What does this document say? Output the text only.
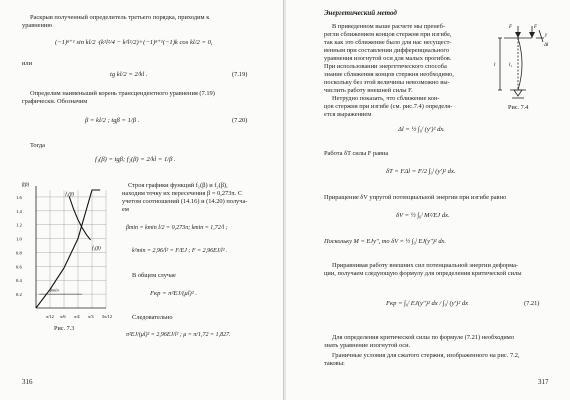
Раскрыв полученный определитель третьего порядка, приходим к
уравнению
(−1)ⁿ⁺¹ sin kl/2 ·(k²l²/4 − k²l²/2)+(−1)ⁿ⁺¹(−1)k cos kl/2 = 0,
или
tg kl/2 = 2/kl .	(7.19)
Определим наименьший корень трансцендентного уравнения (7.19)
графически. Обозначим
β = kl/2 ; tgβ = 1/β .	(7.20)
Тогда
f₁(β) = tgβ; f₂(β) = 2/kl = 1/β .
1.6
1.4
1.2
1.0
0.8
0.6
0.4
0.2
π/12 π/6 π/4 π/3 5π/12
f(β)
f₁(β)
f₂(β)
βmin
Рис. 7.3
Строя графики функций f₁(β) и f₂(β),
находим точку их пересечения β = 0,273π. С
учетом соотношений (14.16) и (14.20) получа-
ем
βmin = kmin l/2 = 0,273π; kmin = 1,72/l ;
k²min = 2,96/l² = F/EJ ; F = 2,96EJ/l² .
В общем случае
Fкр = π²EJ/(μl)² .
Следовательно
π²EJ/(μl)² = 2,96EJ/l² ; μ = π/1,72 = 1,827.
316
Энергетический метод
В приведенном выше расчете мы пренеб-
регли сближением концов стержня при изгибе,
так как это сближение было для нас несущест-
венным при составлении дифференциального
уравнения изогнутой оси для малых прогибов.
При использовании энергетического способа
знание сближения концов стержня необходимо,
поскольку без этой величины невозможно вы-
числить работу внешней силы F.
Нетрудно показать, что сближение кон-
цов стержня при изгибе (см. рис.7.4) определя-
ется выражением
F	F
y
Δl
l	l₁
Рис. 7.4
Δl = ½ ∫₀ˡ (y′)² dx.
Работа δT силы F равна
δT = FΔl = F/2 ∫₀ˡ (y′)² dx.
Приращение δV упругой потенциальной энергии при изгибе равно
δV = ½ ∫₀ˡ M²/EJ dx.
Поскольку M = EJy″, то δV = ½ ∫₀ˡ EJ(y″)² dx.
Приравнивая работу внешних сил потенциальной энергии деформа-
ции, получаем следующую формулу для определения критической силы
Fкр = ∫₀ˡ EJ(y″)² dx / ∫₀ˡ (y′)² dx	(7.21)
Для определения критической силы по формуле (7.21) необходимо
знать уравнение изогнутой оси.
Граничные условия для сжатого стержня, изображенного на рис. 7.2,
таковы:
317
